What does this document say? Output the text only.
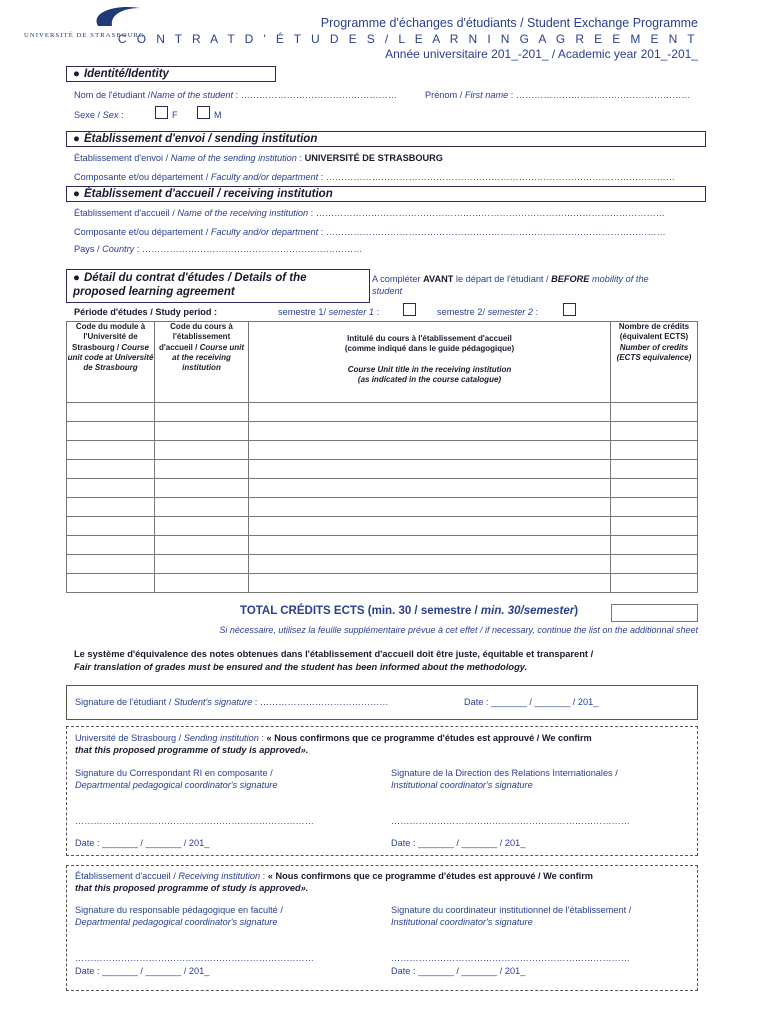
UNIVERSITÉ DE STRASBOURG
Programme d'échanges d'étudiants / Student Exchange Programme
C O N T R A T D ' É T U D E S / L E A R N I N G A G R E E M E N T
Année universitaire 201_-201_ / Academic year 201_-201_
● Identité/Identity
Nom de l'étudiant /Name of the student : ……………………………………………	Prénom / First name : …………………………………………………
Sexe / Sex :	F	M
● Établissement d'envoi / sending institution
Établissement d'envoi / Name of the sending institution : UNIVERSITÉ DE STRASBOURG
Composante et/ou département / Faculty and/or department : ……………………………………………………………………………………………………
● Établissement d'accueil / receiving institution
Établissement d'accueil / Name of the receiving institution : ……………………………………………………………………………………………………
Composante et/ou département / Faculty and/or department : …………………………………………………………………………………………………
Pays / Country : ………………………………………………………………
● Détail du contrat d'études / Details of the
proposed learning agreement
A compléter AVANT le départ de l'étudiant / BEFORE mobility of the
student
Période d'études / Study period :	semestre 1/ semester 1 :	semestre 2/ semester 2 :
Code du module à l'Université de Strasbourg / Course unit code at Université de Strasbourg	Code du cours à l'établissement d'accueil / Course unit at the receiving institution	Intitulé du cours à l'établissement d'accueil
(comme indiqué dans le guide pédagogique)

Course Unit title in the receiving institution
(as indicated in the course catalogue)	Nombre de crédits (équivalent ECTS) Number of credits (ECTS equivalence)

TOTAL CRÉDITS ECTS (min. 30 / semestre / min. 30/semester)
Si nécessaire, utilisez la feuille supplémentaire prévue à cet effet / if necessary, continue the list on the additionnal sheet
Le système d'équivalence des notes obtenues dans l'établissement d'accueil doit être juste, équitable et transparent /
Fair translation of grades must be ensured and the student has been informed about the methodology.
Signature de l'étudiant / Student's signature : ……………………………………	Date : _______ / _______ / 201_
Université de Strasbourg / Sending institution : « Nous confirmons que ce programme d'études est approuvé / We confirm
that this proposed programme of study is approved».
Signature du Correspondant RI en composante /
Departmental pedagogical coordinator's signature
Signature de la Direction des Relations Internationales /
Institutional coordinator's signature
……………………………………………………………………	……………………………………………………………………
Date : _______ / _______ / 201_	Date : _______ / _______ / 201_
Établissement d'accueil / Receiving institution : « Nous confirmons que ce programme d'études est approuvé / We confirm
that this proposed programme of study is approved».
Signature du responsable pédagogique en faculté /
Departmental pedagogical coordinator's signature
Signature du coordinateur institutionnel de l'établissement /
Institutional coordinator's signature
……………………………………………………………………	……………………………………………………………………
Date : _______ / _______ / 201_	Date : _______ / _______ / 201_
